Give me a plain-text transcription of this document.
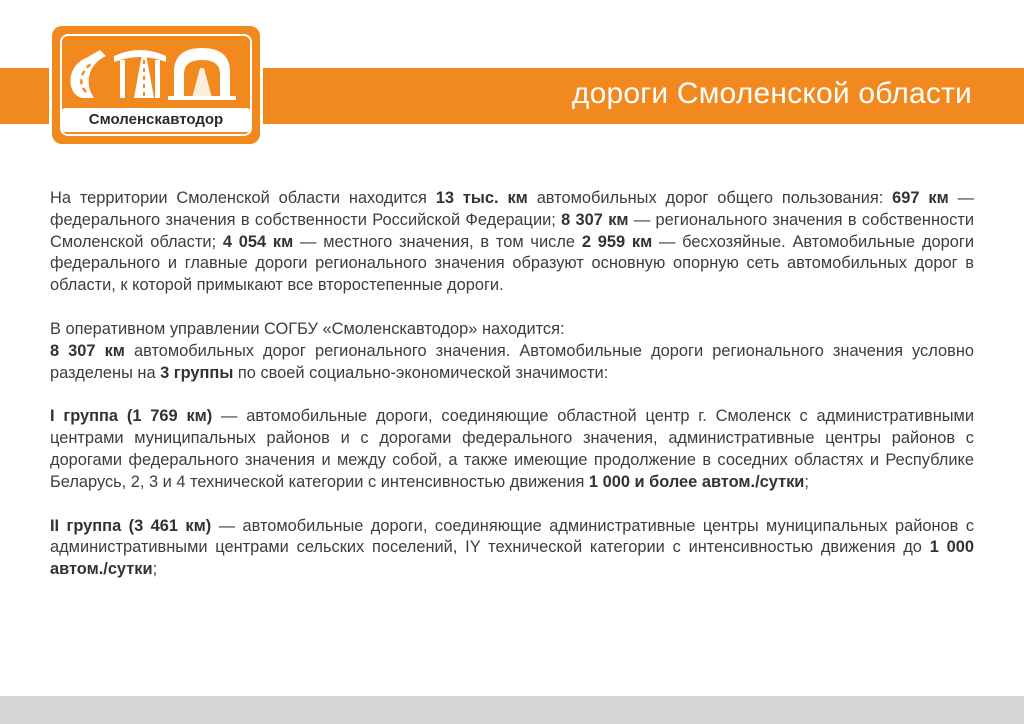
дороги Смоленской области
Смоленскавтодор

На территории Смоленской области находится 13 тыс. км автомобильных дорог общего пользования: 697 км — федерального значения в собственности Российской Федерации; 8 307 км — регионального значения в собственности Смоленской области; 4 054 км — местного значения, в том числе 2 959 км — бесхозяйные. Автомобильные дороги федерального и главные дороги регионального значения образуют основную опорную сеть автомобильных дорог в области, к которой примыкают все второстепенные дороги.

В оперативном управлении СОГБУ «Смоленскавтодор» находится:
8 307 км автомобильных дорог регионального значения. Автомобильные дороги регионального значения условно разделены на 3 группы по своей социально-экономической значимости:

I группа (1 769 км) — автомобильные дороги, соединяющие областной центр г. Смоленск с административными центрами муниципальных районов и с дорогами федерального значения, административные центры районов с дорогами федерального значения и между собой, а также имеющие продолжение в соседних областях и Республике Беларусь, 2, 3 и 4 технической категории с интенсивностью движения 1 000 и более автом./сутки;

II группа (3 461 км) — автомобильные дороги, соединяющие административные центры муниципальных районов с административными центрами сельских поселений, IY технической категории с интенсивностью движения до 1 000 автом./сутки;
